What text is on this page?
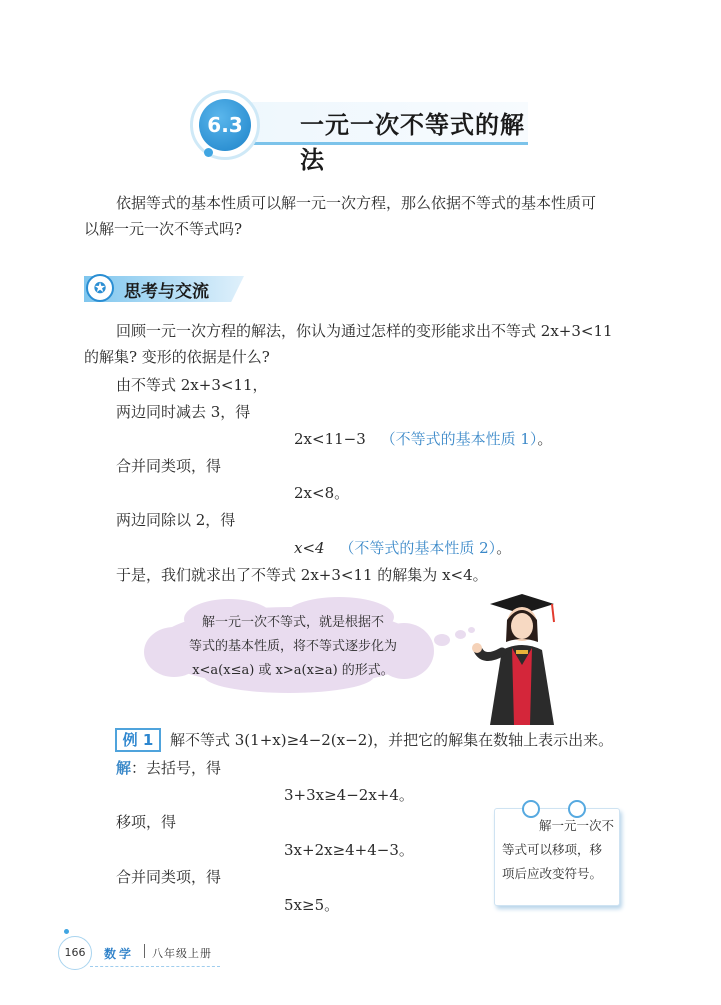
6.3	一元一次不等式的解法
依据等式的基本性质可以解一元一次方程，那么依据不等式的基本性质可
以解一元一次不等式吗?
✪	思考与交流
回顾一元一次方程的解法，你认为通过怎样的变形能求出不等式 2x+3<11
的解集? 变形的依据是什么?
由不等式 2x+3<11，
两边同时减去 3，得
2x<11−3 （不等式的基本性质 1）。
合并同类项，得
2x<8。
两边同除以 2，得
x<4 （不等式的基本性质 2）。
于是，我们就求出了不等式 2x+3<11 的解集为 x<4。
解一元一次不等式，就是根据不
等式的基本性质，将不等式逐步化为
x<a(x≤a) 或 x>a(x≥a) 的形式。
例 1	解不等式 3(1+x)≥4−2(x−2)，并把它的解集在数轴上表示出来。
解：去括号，得
3+3x≥4−2x+4。
移项，得
3x+2x≥4+4−3。
合并同类项，得
5x≥5。
解一元一次不
等式可以移项，移
项后应改变符号。
166	数学 八年级上册
